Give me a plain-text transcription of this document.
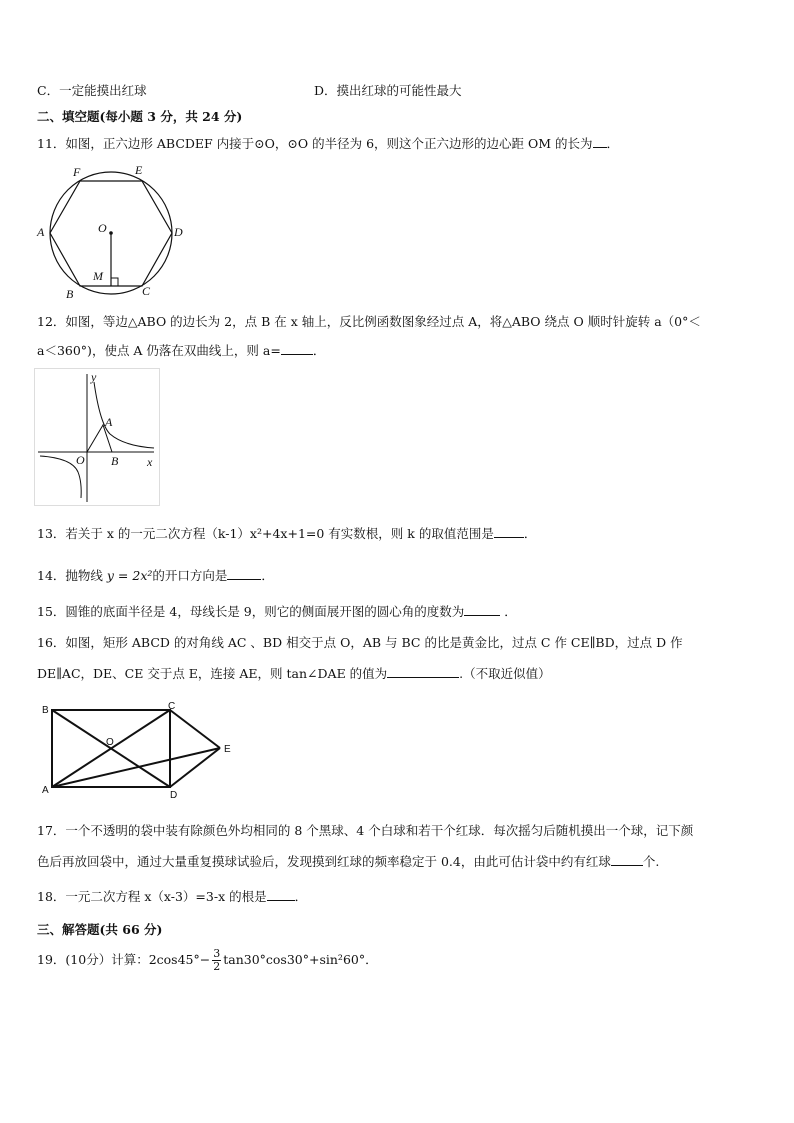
C．一定能摸出红球	D．摸出红球的可能性最大
二、填空题(每小题 3 分，共 24 分)
11．如图，正六边形 ABCDEF 内接于⊙O，⊙O 的半径为 6，则这个正六边形的边心距 OM 的长为 ．
A
B	C
D
E
F
O
M
12．如图，等边△ABO 的边长为 2，点 B 在 x 轴上，反比例函数图象经过点 A，将△ABO 绕点 O 顺时针旋转 a（0°＜
a＜360°)，使点 A 仍落在双曲线上，则 a=	．
y
x
O
A
B
13．若关于 x 的一元二次方程（k-1）x²+4x+1=0 有实数根，则 k 的取值范围是 ．
14．抛物线 y = 2x²的开口方向是	．
15．圆锥的底面半径是 4，母线长是 9，则它的侧面展开图的圆心角的度数为	．
16．如图，矩形 ABCD 的对角线 AC 、BD 相交于点 O，AB 与 BC 的比是黄金比，过点 C 作 CE∥BD，过点 D 作
DE∥AC，DE、CE 交于点 E，连接 AE，则 tan∠DAE 的值为	.（不取近似值）
B	C
A	D
E
O
17．一个不透明的袋中装有除颜色外均相同的 8 个黑球、4 个白球和若干个红球．每次摇匀后随机摸出一个球，记下颜
色后再放回袋中，通过大量重复摸球试验后，发现摸到红球的频率稳定于 0.4，由此可估计袋中约有红球	个.
18．一元二次方程 x（x-3）=3-x 的根是 ．
三、解答题(共 66 分)
19．(10分）计算：$2\cos 45^\circ- \frac{3}{2} \tan 30^\circ\cos 30^\circ+\sin^260^\circ$．
